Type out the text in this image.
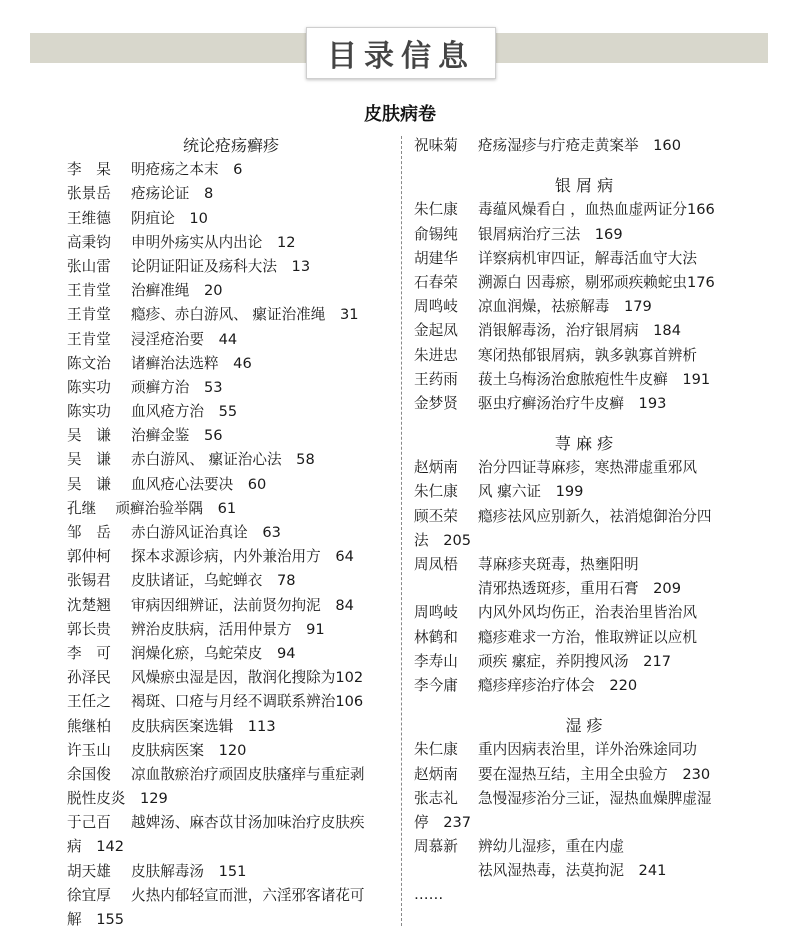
目录信息
皮肤病卷
统论疮疡癣疹
李　杲 明疮疡之本末　6
张景岳 疮疡论证　8
王维德 阴疽论　10
高秉钧 申明外疡实从内出论　12
张山雷 论阴证阳证及疡科大法　13
王肯堂 治癣准绳　20
王肯堂 瘾疹、赤白游风、 瘰证治准绳　31
王肯堂 浸淫疮治要　44
陈文治 诸癣治法选粹　46
陈实功 顽癣方治　53
陈实功 血风疮方治　55
吴　谦 治癣金鉴　56
吴　谦 赤白游风、 瘰证治心法　58
吴　谦 血风疮心法要决　60
孔继　 顽癣治验举隅　61
邹　岳 赤白游风证治真诠　63
郭仲柯 探本求源诊病，内外兼治用方　64
张锡君 皮肤诸证，乌蛇蝉衣　78
沈楚翘 审病因细辨证，法前贤勿拘泥　84
郭长贵 辨治皮肤病，活用仲景方　91
李　可 润燥化瘀，乌蛇荣皮　94
孙泽民 风燥瘀虫湿是因，散润化搜除为102
王任之 褐斑、口疮与月经不调联系辨治106
熊继柏 皮肤病医案选辑　113
许玉山 皮肤病医案　120
余国俊 凉血散瘀治疗顽固皮肤瘙痒与重症剥
脱性皮炎　129
于己百 越婢汤、麻杏苡甘汤加味治疗皮肤疾
病　142
胡天雄 皮肤解毒汤　151
徐宜厚 火热内郁轻宣而泄，六淫邪客诸花可
解　155
祝味菊 疮疡湿疹与疔疮走黄案举　160
银 屑 病
朱仁康 毒蕴风燥看白 ，血热血虚两证分166
俞锡纯 银屑病治疗三法　169
胡建华 详察病机审四证，解毒活血守大法
石春荣 溯源白 因毒瘀，剔邪顽疾赖蛇虫176
周鸣岐 凉血润燥，祛瘀解毒　179
金起凤 消银解毒汤，治疗银屑病　184
朱进忠 寒闭热郁银屑病，孰多孰寡首辨析
王药雨 菝土乌梅汤治愈脓疱性牛皮癣　191
金梦贤 驱虫疗癣汤治疗牛皮癣　193
荨 麻 疹
赵炳南 治分四证荨麻疹，寒热滞虚重邪风
朱仁康 风 瘰六证　199
顾丕荣 瘾疹祛风应别新久，祛消熄御治分四
法　205
周凤梧 荨麻疹夹斑毒，热壅阳明
清邪热透斑疹，重用石膏　209
周鸣岐 内风外风均伤正，治表治里皆治风
林鹤和 瘾疹难求一方治，惟取辨证以应机
李寿山 顽疾 瘰症，养阴搜风汤　217
李今庸 瘾疹痒疹治疗体会　220
湿 疹
朱仁康 重内因病表治里，详外治殊途同功
赵炳南 要在湿热互结，主用全虫验方　230
张志礼 急慢湿疹治分三证，湿热血燥脾虚湿
停　237
周慕新 辨幼儿湿疹，重在内虚
祛风湿热毒，法莫拘泥　241
……
